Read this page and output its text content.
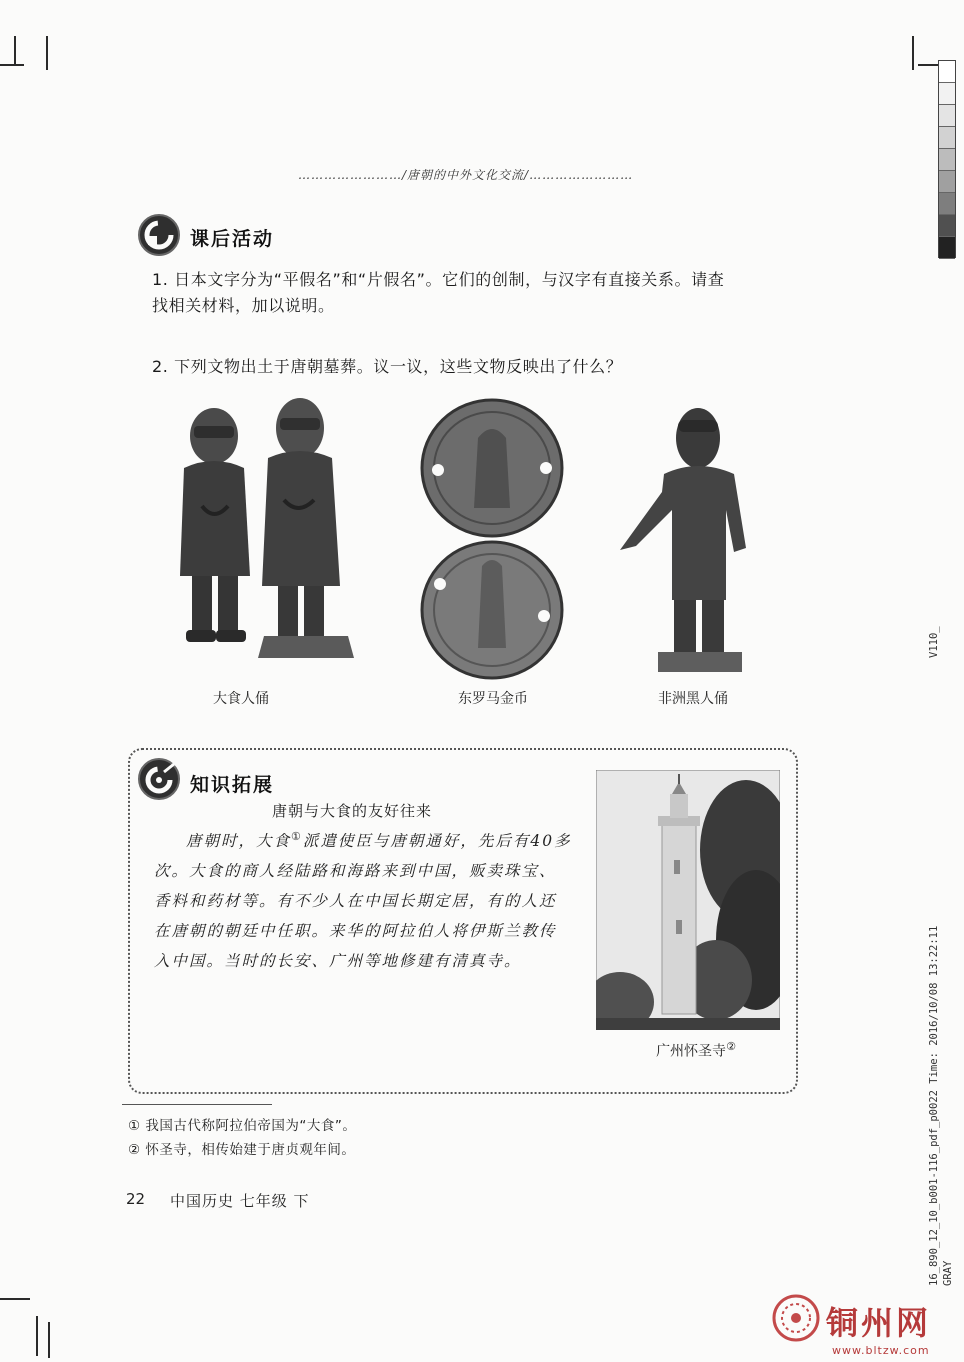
……………………/唐朝的中外文化交流/……………………
课后活动
1. 日本文字分为“平假名”和“片假名”。它们的创制，与汉字有直接关系。请查
找相关材料，加以说明。
2. 下列文物出土于唐朝墓葬。议一议，这些文物反映出了什么？
大食人俑	东罗马金币	非洲黑人俑
知识拓展
唐朝与大食的友好往来
唐朝时，大食①派遣使臣与唐朝通好，先后有40多次。大食的商人经陆路和海路来到中国，贩卖珠宝、香料和药材等。有不少人在中国长期定居，有的人还在唐朝的朝廷中任职。来华的阿拉伯人将伊斯兰教传入中国。当时的长安、广州等地修建有清真寺。
广州怀圣寺②
① 我国古代称阿拉伯帝国为“大食”。
② 怀圣寺，相传始建于唐贞观年间。
22 中国历史 七年级 下
V110_
16_890_12_10_b001-116_pdf_p0022 Time: 2016/10/08 13:22:11 GRAY
铜州网
www.bltzw.com
